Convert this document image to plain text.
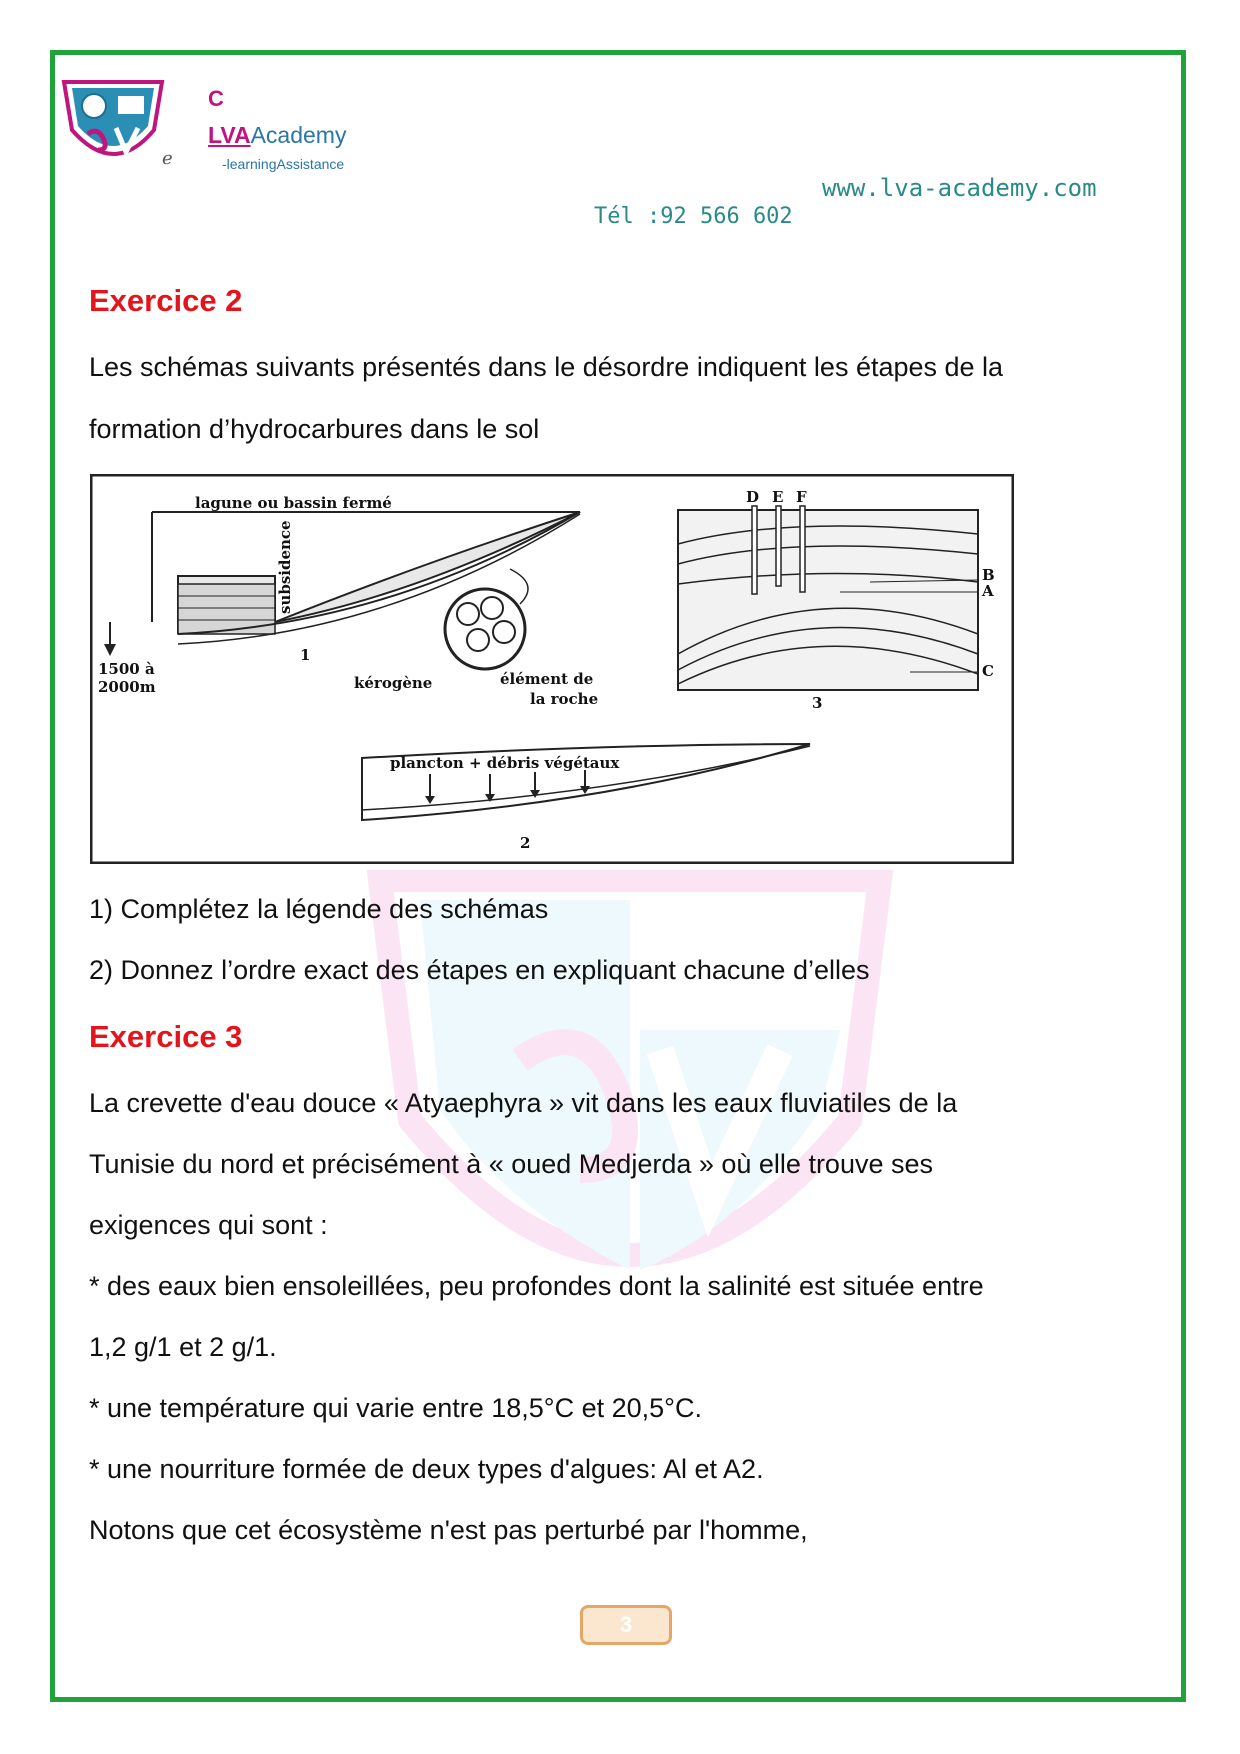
e
C
LVAAcademy
-learningAssistance
www.lva-academy.com
Tél :92 566 602
Exercice 2
Les schémas suivants présentés dans le désordre indiquent les étapes de la
formation d’hydrocarbures dans le sol
lagune ou bassin fermé
subsidence
1500 à
2000m	kérogène	élément de
la roche
1
D E F
B
A
C
3
plancton + débris végétaux
2
1) Complétez la légende des schémas
2) Donnez l’ordre exact des étapes en expliquant chacune d’elles
Exercice 3
La crevette d'eau douce « Atyaephyra » vit dans les eaux fluviatiles de la
Tunisie du nord et précisément à « oued Medjerda » où elle trouve ses
exigences qui sont :
* des eaux bien ensoleillées, peu profondes dont la salinité est située entre
1,2 g/1 et 2 g/1.
* une température qui varie entre 18,5°C et 20,5°C.
* une nourriture formée de deux types d'algues: Al et A2.
Notons que cet écosystème n'est pas perturbé par l'homme,
3
